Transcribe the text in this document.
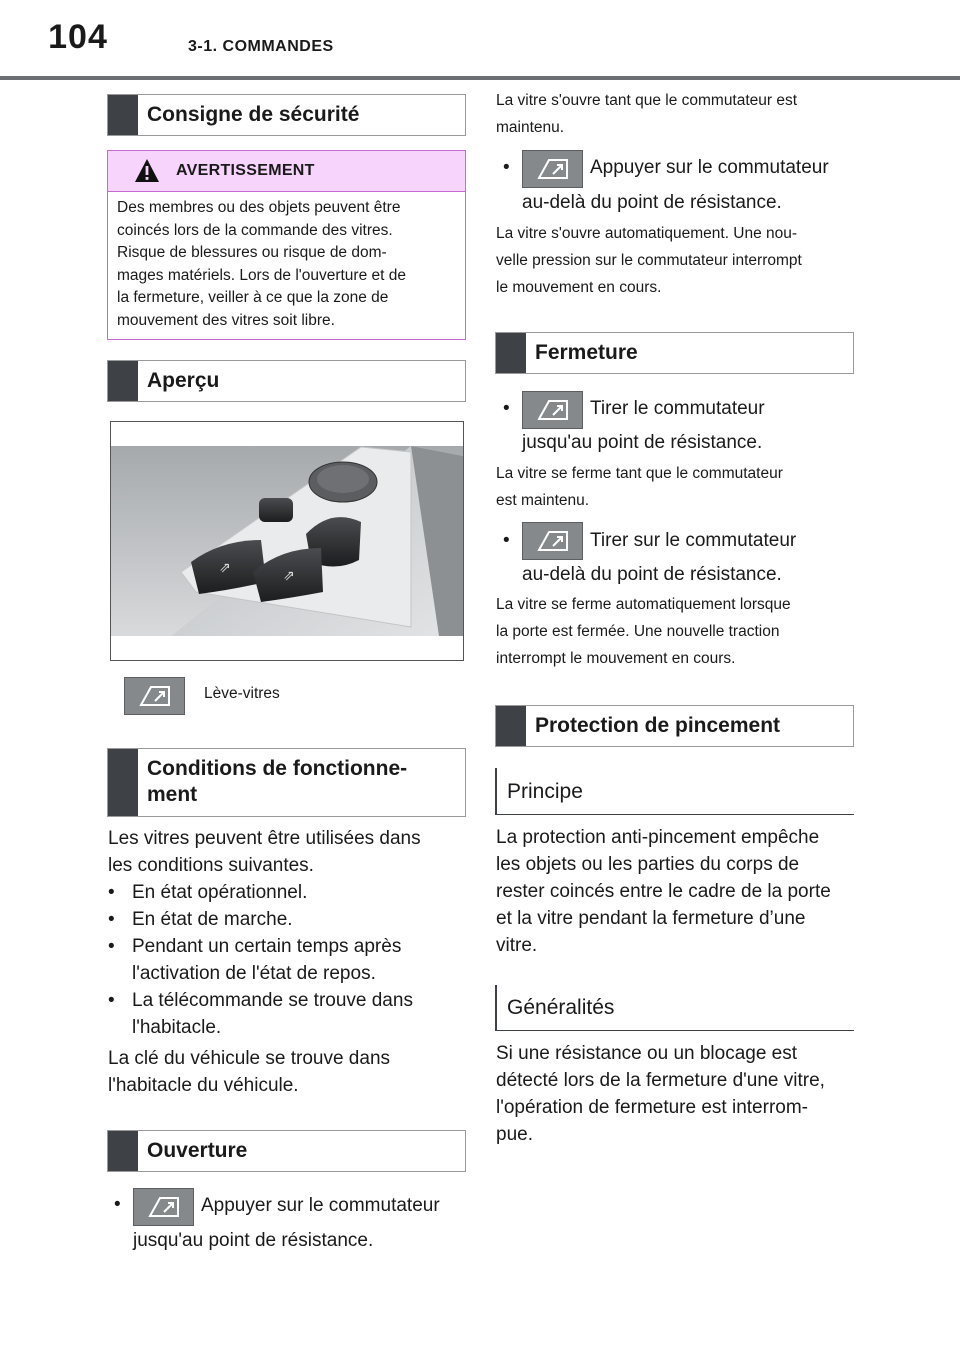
104	3-1. COMMANDES
Consigne de sécurité
AVERTISSEMENT
Des membres ou des objets peuvent être
coincés lors de la commande des vitres.
Risque de blessures ou risque de dom-
mages matériels. Lors de l'ouverture et de
la fermeture, veiller à ce que la zone de
mouvement des vitres soit libre.
Aperçu
⇗	⇗
Lève-vitres
Conditions de fonctionne-
ment
Les vitres peuvent être utilisées dans
les conditions suivantes.
• En état opérationnel.
• En état de marche.
• Pendant un certain temps après
l'activation de l'état de repos.
• La télécommande se trouve dans
l'habitacle.
La clé du véhicule se trouve dans
l'habitacle du véhicule.
Ouverture
•	Appuyer sur le commutateur
jusqu'au point de résistance.
La vitre s'ouvre tant que le commutateur est
maintenu.
•	Appuyer sur le commutateur
au-delà du point de résistance.
La vitre s'ouvre automatiquement. Une nou-
velle pression sur le commutateur interrompt
le mouvement en cours.
Fermeture
•	Tirer le commutateur
jusqu'au point de résistance.
La vitre se ferme tant que le commutateur
est maintenu.
•	Tirer sur le commutateur
au-delà du point de résistance.
La vitre se ferme automatiquement lorsque
la porte est fermée. Une nouvelle traction
interrompt le mouvement en cours.
Protection de pincement
Principe
La protection anti-pincement empêche
les objets ou les parties du corps de
rester coincés entre le cadre de la porte
et la vitre pendant la fermeture d’une
vitre.
Généralités
Si une résistance ou un blocage est
détecté lors de la fermeture d'une vitre,
l'opération de fermeture est interrom-
pue.
